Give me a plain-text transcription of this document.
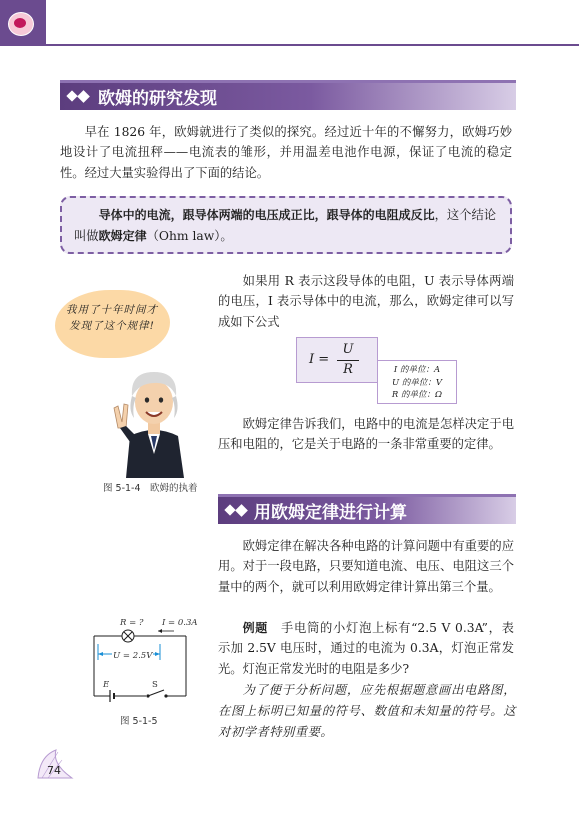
欧姆的研究发现

早在 1826 年，欧姆就进行了类似的探究。经过近十年的不懈努力，欧姆巧妙地设计了电流扭秤——电流表的雏形，并用温差电池作电源，保证了电流的稳定性。经过大量实验得出了下面的结论。

导体中的电流，跟导体两端的电压成正比，跟导体的电阻成反比，这个结论叫做欧姆定律（Ohm law）。
我用了十年时间才发现了这个规律!
图 5-1-4　欧姆的执着

如果用 R 表示这段导体的电阻，U 表示导体两端的电压，I 表示导体中的电流，那么，欧姆定律可以写成如下公式

I =
U
R	I 的单位：A
U 的单位：V
R 的单位：Ω

欧姆定律告诉我们，电路中的电流是怎样决定于电压和电阻的，它是关于电路的一条非常重要的定律。

用欧姆定律进行计算

欧姆定律在解决各种电路的计算问题中有重要的应用。对于一段电路，只要知道电流、电压、电阻这三个量中的两个，就可以利用欧姆定律计算出第三个量。

例题　 手电筒的小灯泡上标有“2.5 V 0.3A”，表示加 2.5V 电压时，通过的电流为 0.3A，灯泡正常发光。灯泡正常发光时的电阻是多少?

为了便于分析问题，应先根据题意画出电路图，在图上标明已知量的符号、数值和未知量的符号。这对初学者特别重要。

R = ? I = 0.3A
U = 2.5V
E	S
图 5-1-5
74
